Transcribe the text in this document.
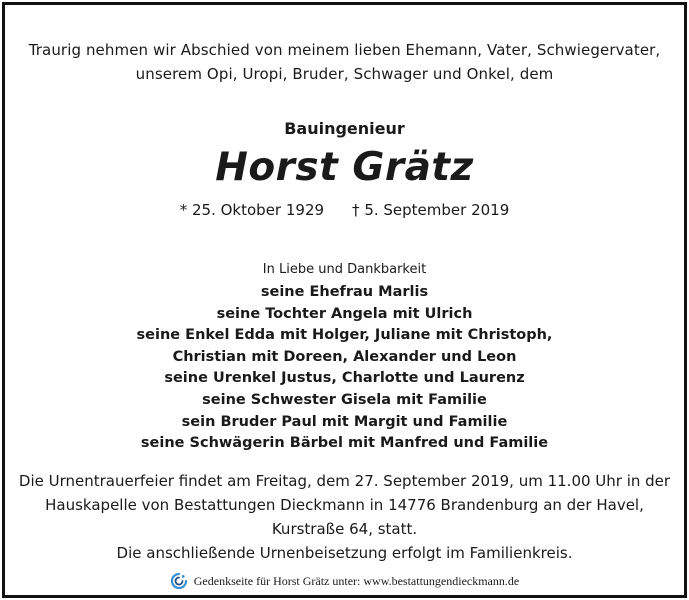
Traurig nehmen wir Abschied von meinem lieben Ehemann, Vater, Schwiegervater,
unserem Opi, Uropi, Bruder, Schwager und Onkel, dem
Bauingenieur
Horst Grätz
* 25. Oktober 1929 † 5. September 2019
In Liebe und Dankbarkeit
seine Ehefrau Marlis
seine Tochter Angela mit Ulrich
seine Enkel Edda mit Holger, Juliane mit Christoph,
Christian mit Doreen, Alexander und Leon
seine Urenkel Justus, Charlotte und Laurenz
seine Schwester Gisela mit Familie
sein Bruder Paul mit Margit und Familie
seine Schwägerin Bärbel mit Manfred und Familie
Die Urnentrauerfeier findet am Freitag, dem 27. September 2019, um 11.00 Uhr in der
Hauskapelle von Bestattungen Dieckmann in 14776 Brandenburg an der Havel,
Kurstraße 64, statt.
Die anschließende Urnenbeisetzung erfolgt im Familienkreis.
Gedenkseite für Horst Grätz unter: www.bestattungendieckmann.de
